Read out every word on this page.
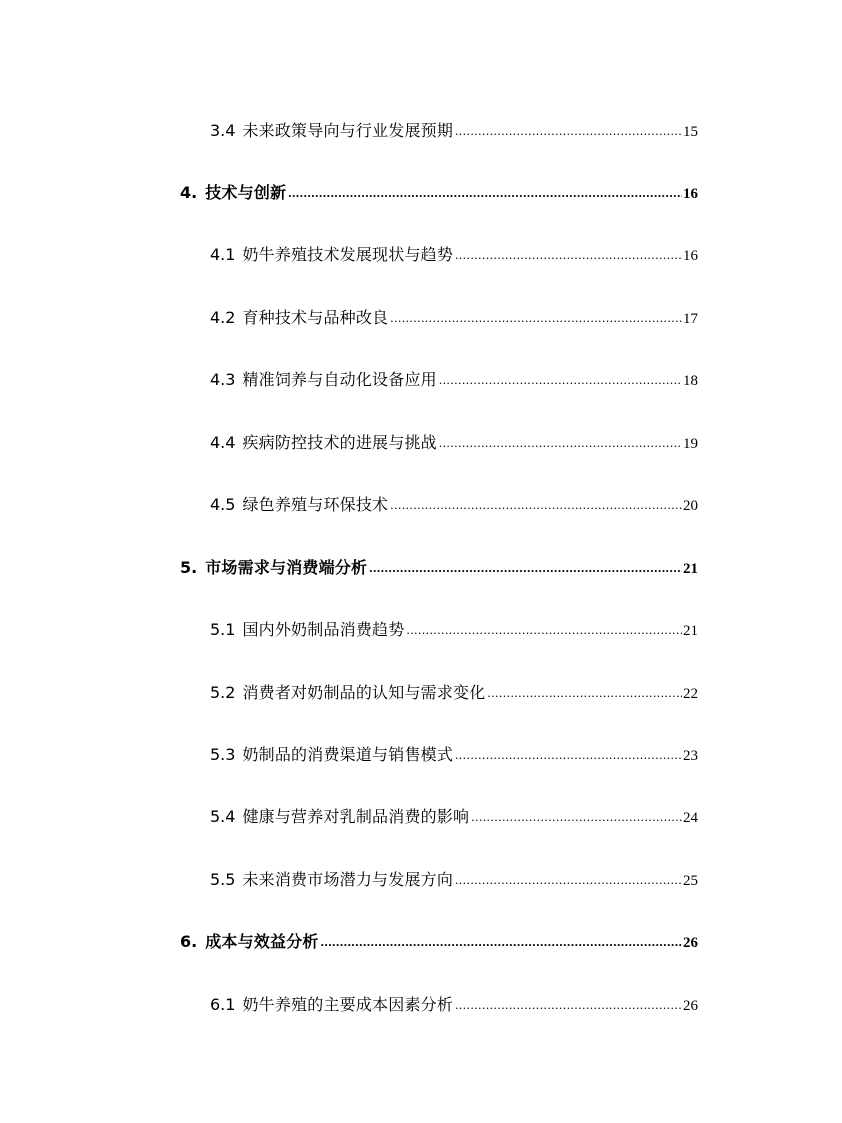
3.4 未来政策导向与行业发展预期 .....	15
4. 技术与创新 .....	16
4.1 奶牛养殖技术发展现状与趋势 .....	16
4.2 育种技术与品种改良 .....	17
4.3 精准饲养与自动化设备应用 .....	18
4.4 疾病防控技术的进展与挑战 .....	19
4.5 绿色养殖与环保技术 .....	20
5. 市场需求与消费端分析 .....	21
5.1 国内外奶制品消费趋势 .....	21
5.2 消费者对奶制品的认知与需求变化 .....	22
5.3 奶制品的消费渠道与销售模式 .....	23
5.4 健康与营养对乳制品消费的影响 .....	24
5.5 未来消费市场潜力与发展方向 .....	25
6. 成本与效益分析 .....	26
6.1 奶牛养殖的主要成本因素分析 .....	26
